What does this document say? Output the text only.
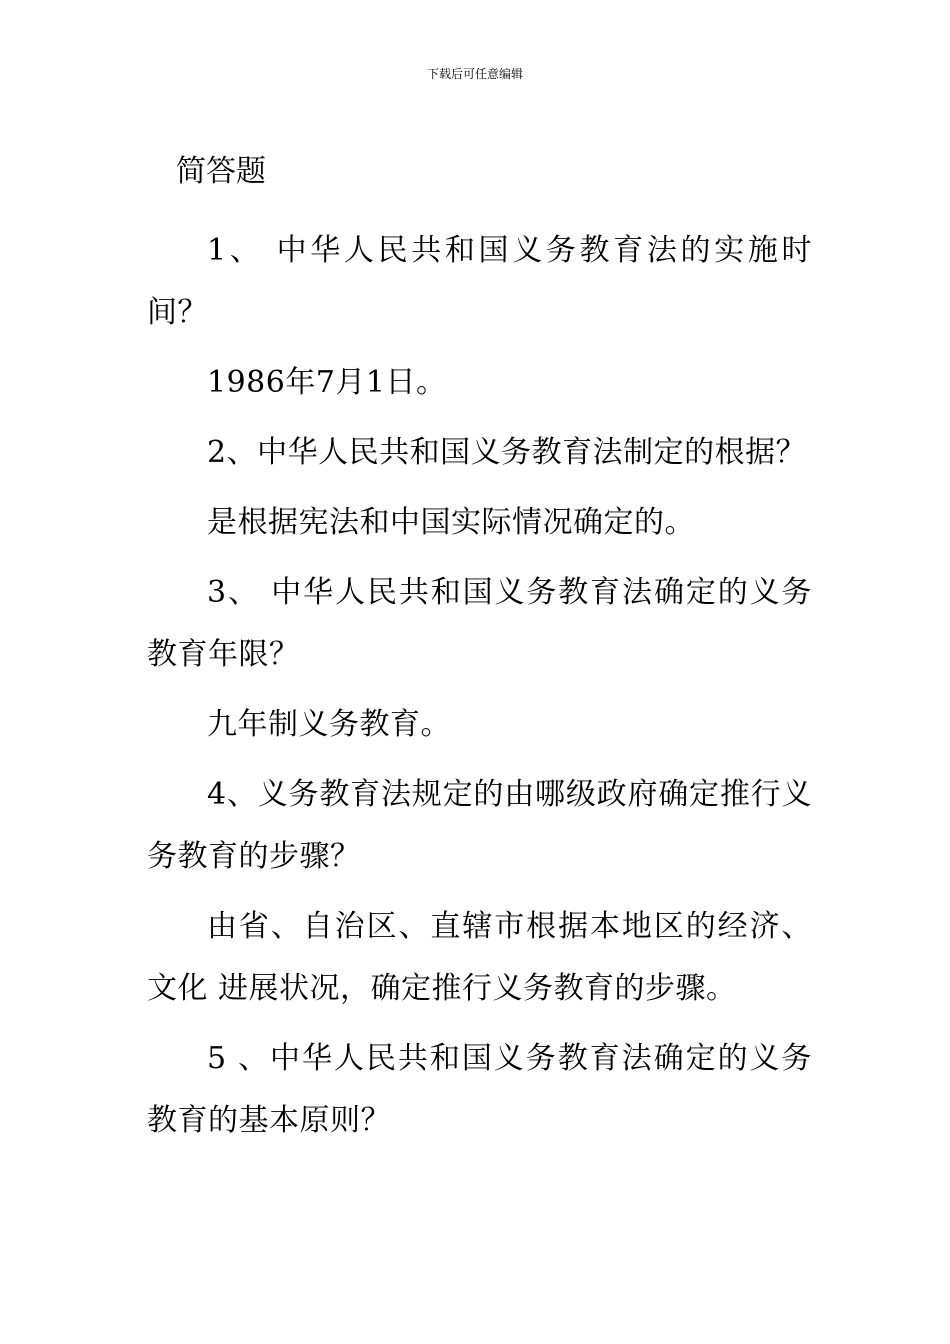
下载后可任意编辑
简答题

1、 中华人民共和国义务教育法的实施时间？

1986年7月1日。

2、中华人民共和国义务教育法制定的根据？

是根据宪法和中国实际情况确定的。

3、 中华人民共和国义务教育法确定的义务教育年限？

九年制义务教育。

4、义务教育法规定的由哪级政府确定推行义务教育的步骤？

由省、自治区、直辖市根据本地区的经济、文化 进展状况，确定推行义务教育的步骤。

5 、中华人民共和国义务教育法确定的义务教育的基本原则？
